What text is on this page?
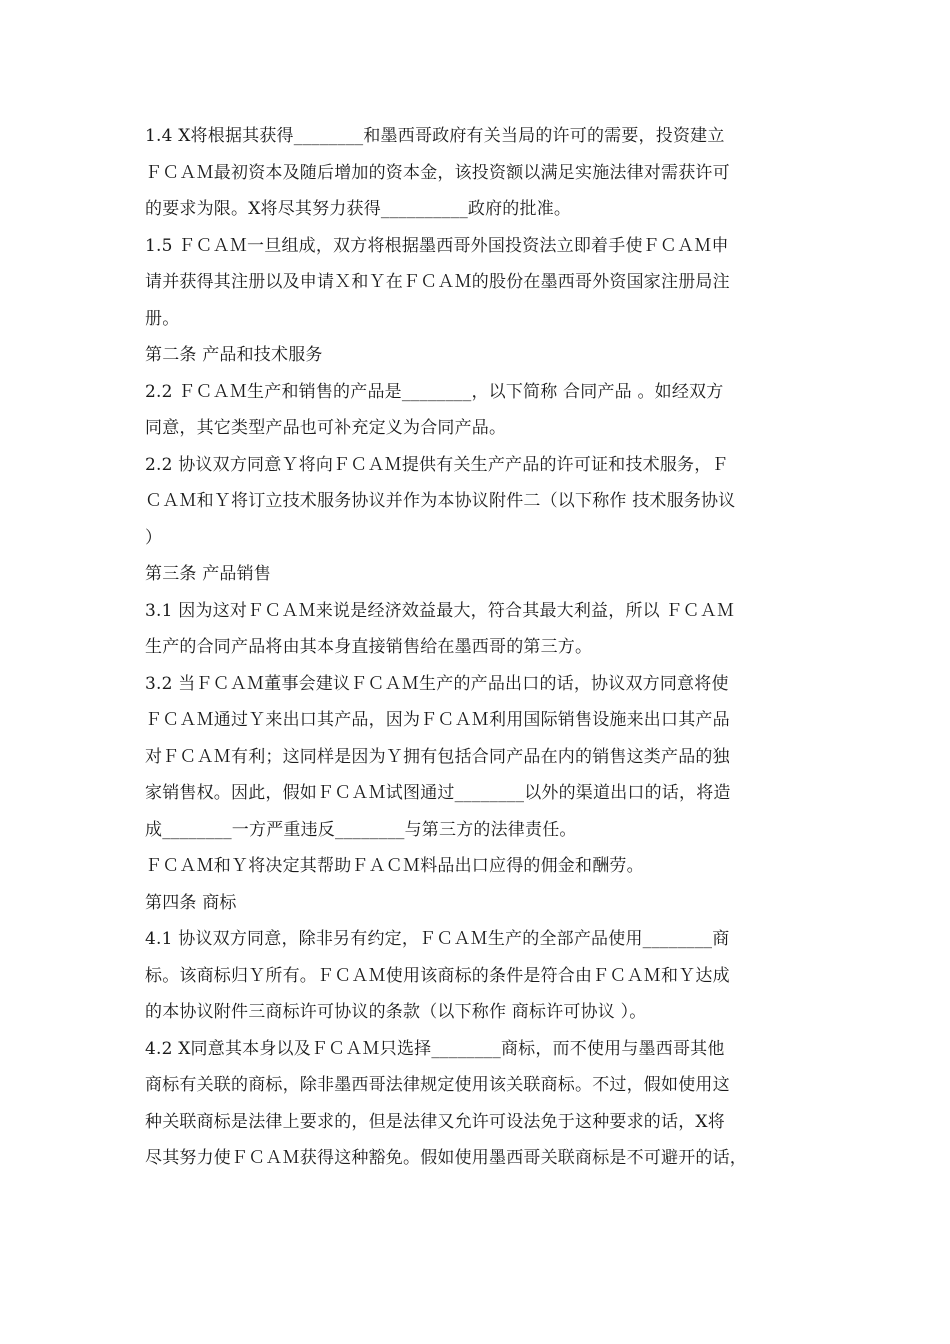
1.4 X将根据其获得________和墨西哥政府有关当局的许可的需要，投资建立
ＦＣＡＭ最初资本及随后增加的资本金，该投资额以满足实施法律对需获许可
的要求为限。X将尽其努力获得__________政府的批准。
1.5 ＦＣＡＭ一旦组成，双方将根据墨西哥外国投资法立即着手使ＦＣＡＭ申
请并获得其注册以及申请Ｘ和Ｙ在ＦＣＡＭ的股份在墨西哥外资国家注册局注
册。
第二条 产品和技术服务
2.2 ＦＣＡＭ生产和销售的产品是________，以下简称 合同产品 。如经双方
同意，其它类型产品也可补充定义为合同产品。
2.2 协议双方同意Ｙ将向ＦＣＡＭ提供有关生产产品的许可证和技术服务，Ｆ
ＣＡＭ和Ｙ将订立技术服务协议并作为本协议附件二（以下称作 技术服务协议
）
第三条 产品销售
3.1 因为这对ＦＣＡＭ来说是经济效益最大，符合其最大利益，所以 ＦＣＡＭ
生产的合同产品将由其本身直接销售给在墨西哥的第三方。
3.2 当ＦＣＡＭ董事会建议ＦＣＡＭ生产的产品出口的话，协议双方同意将使
ＦＣＡＭ通过Ｙ来出口其产品，因为ＦＣＡＭ利用国际销售设施来出口其产品
对ＦＣＡＭ有利；这同样是因为Ｙ拥有包括合同产品在内的销售这类产品的独
家销售权。因此，假如ＦＣＡＭ试图通过________以外的渠道出口的话，将造
成________一方严重违反________与第三方的法律责任。
ＦＣＡＭ和Ｙ将决定其帮助ＦＡＣＭ料品出口应得的佣金和酬劳。
第四条 商标
4.1 协议双方同意，除非另有约定，ＦＣＡＭ生产的全部产品使用________商
标。该商标归Ｙ所有。ＦＣＡＭ使用该商标的条件是符合由ＦＣＡＭ和Ｙ达成
的本协议附件三商标许可协议的条款（以下称作 商标许可协议 ）。
4.2 X同意其本身以及ＦＣＡＭ只选择________商标，而不使用与墨西哥其他
商标有关联的商标，除非墨西哥法律规定使用该关联商标。不过，假如使用这
种关联商标是法律上要求的，但是法律又允许可设法免于这种要求的话，X将
尽其努力使ＦＣＡＭ获得这种豁免。假如使用墨西哥关联商标是不可避开的话，
